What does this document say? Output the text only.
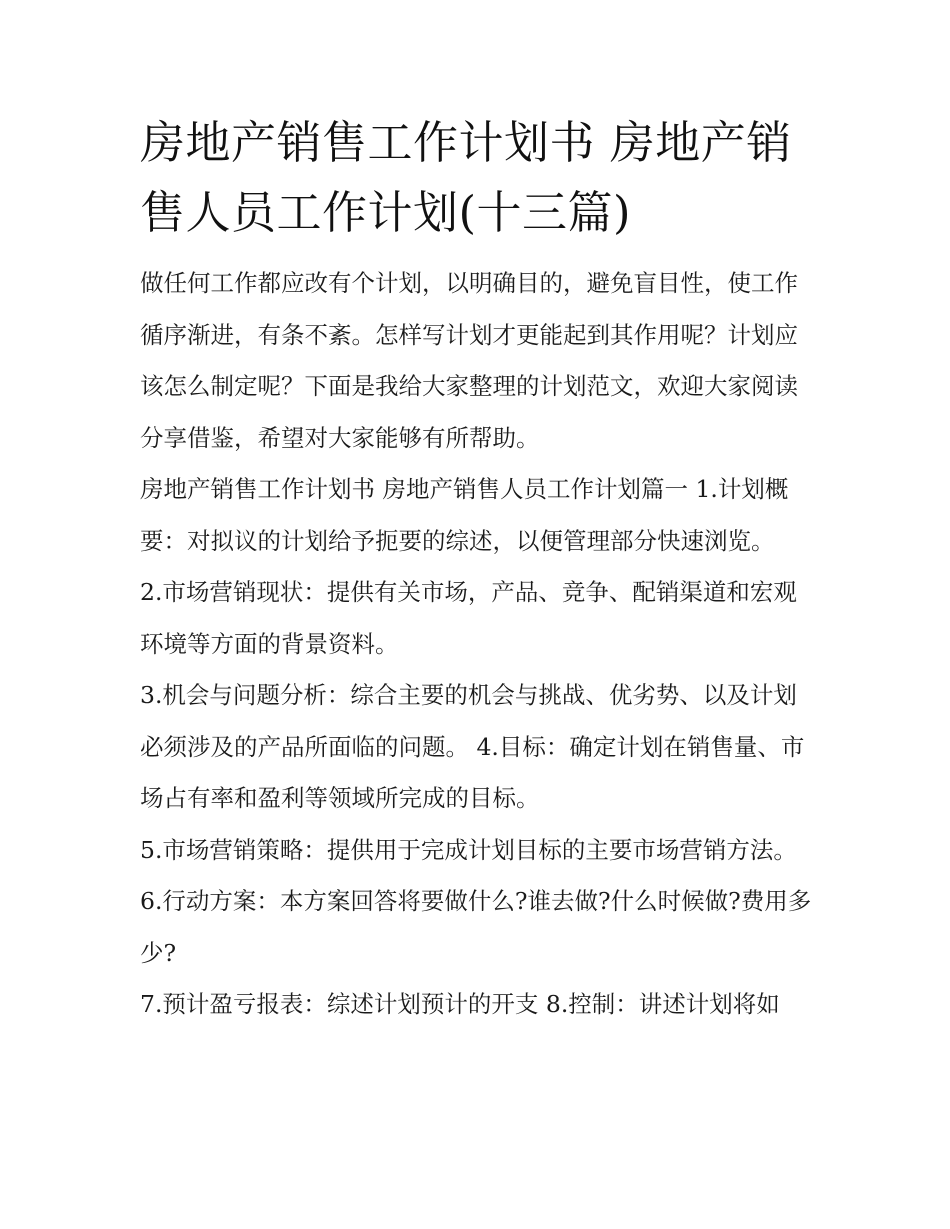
房地产销售工作计划书 房地产销售人员工作计划(十三篇)

做任何工作都应改有个计划，以明确目的，避免盲目性，使工作循序渐进，有条不紊。怎样写计划才更能起到其作用呢？计划应该怎么制定呢？下面是我给大家整理的计划范文，欢迎大家阅读分享借鉴，希望对大家能够有所帮助。

房地产销售工作计划书 房地产销售人员工作计划篇一 1.计划概要：对拟议的计划给予扼要的综述，以便管理部分快速浏览。

2.市场营销现状：提供有关市场，产品、竞争、配销渠道和宏观环境等方面的背景资料。

3.机会与问题分析：综合主要的机会与挑战、优劣势、以及计划必须涉及的产品所面临的问题。 4.目标：确定计划在销售量、市场占有率和盈利等领域所完成的目标。

5.市场营销策略：提供用于完成计划目标的主要市场营销方法。 6.行动方案：本方案回答将要做什么?谁去做?什么时候做?费用多少?

7.预计盈亏报表：综述计划预计的开支 8.控制：讲述计划将如
